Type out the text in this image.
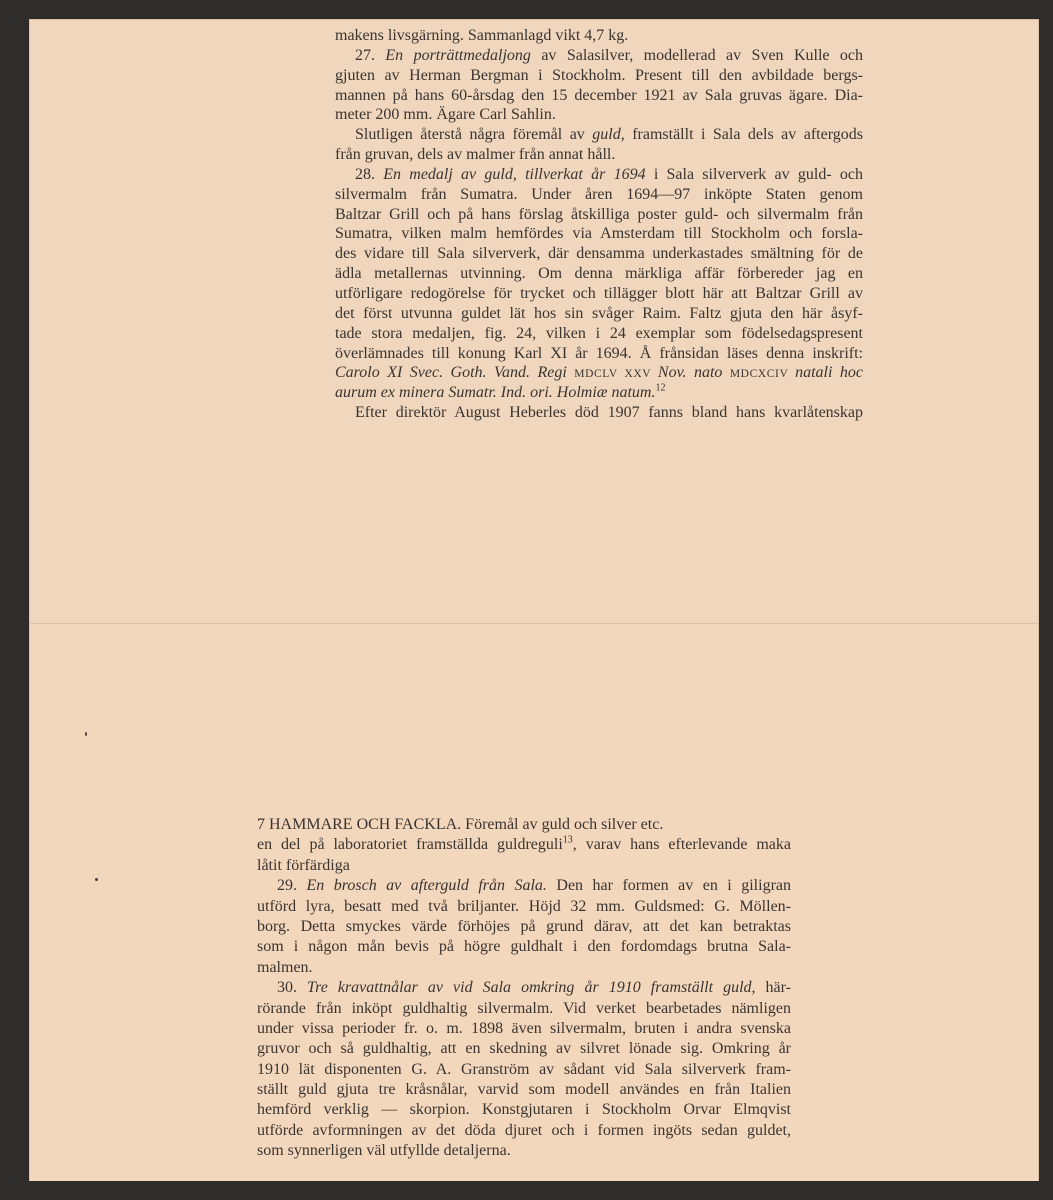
makens livsgärning. Sammanlagd vikt 4,7 kg.
27. En porträttmedaljong av Salasilver, modellerad av Sven Kulle och
gjuten av Herman Bergman i Stockholm. Present till den avbildade bergs-
mannen på hans 60-årsdag den 15 december 1921 av Sala gruvas ägare. Dia-
meter 200 mm. Ägare Carl Sahlin.
Slutligen återstå några föremål av guld, framställt i Sala dels av aftergods
från gruvan, dels av malmer från annat håll.
28. En medalj av guld, tillverkat år 1694 i Sala silververk av guld- och
silvermalm från Sumatra. Under åren 1694—97 inköpte Staten genom
Baltzar Grill och på hans förslag åtskilliga poster guld- och silvermalm från
Sumatra, vilken malm hemfördes via Amsterdam till Stockholm och forsla-
des vidare till Sala silververk, där densamma underkastades smältning för de
ädla metallernas utvinning. Om denna märkliga affär förbereder jag en
utförligare redogörelse för trycket och tillägger blott här att Baltzar Grill av
det först utvunna guldet lät hos sin svåger Raim. Faltz gjuta den här åsyf-
tade stora medaljen, fig. 24, vilken i 24 exemplar som födelsedagspresent
överlämnades till konung Karl XI år 1694. Å frånsidan läses denna inskrift:
Carolo XI Svec. Goth. Vand. Regi MDCLV XXV Nov. nato MDCXCIV natali hoc
aurum ex minera Sumatr. Ind. ori. Holmiæ natum.$^{12}$
Efter direktör August Heberles död 1907 fanns bland hans kvarlåtenskap
7 HAMMARE OCH FACKLA. Föremål av guld och silver etc.
en del på laboratoriet framställda guldreguli$^{13}$, varav hans efterlevande maka
låtit förfärdiga
29. En brosch av afterguld från Sala. Den har formen av en i giligran
utförd lyra, besatt med två briljanter. Höjd 32 mm. Guldsmed: G. Möllen-
borg. Detta smyckes värde förhöjes på grund därav, att det kan betraktas
som i någon mån bevis på högre guldhalt i den fordomdags brutna Sala-
malmen.
30. Tre kravattnålar av vid Sala omkring år 1910 framställt guld, här-
rörande från inköpt guldhaltig silvermalm. Vid verket bearbetades nämligen
under vissa perioder fr. o. m. 1898 även silvermalm, bruten i andra svenska
gruvor och så guldhaltig, att en skedning av silvret lönade sig. Omkring år
1910 lät disponenten G. A. Granström av sådant vid Sala silververk fram-
ställt guld gjuta tre kråsnålar, varvid som modell användes en från Italien
hemförd verklig — skorpion. Konstgjutaren i Stockholm Orvar Elmqvist
utförde avformningen av det döda djuret och i formen ingöts sedan guldet,
som synnerligen väl utfyllde detaljerna.
